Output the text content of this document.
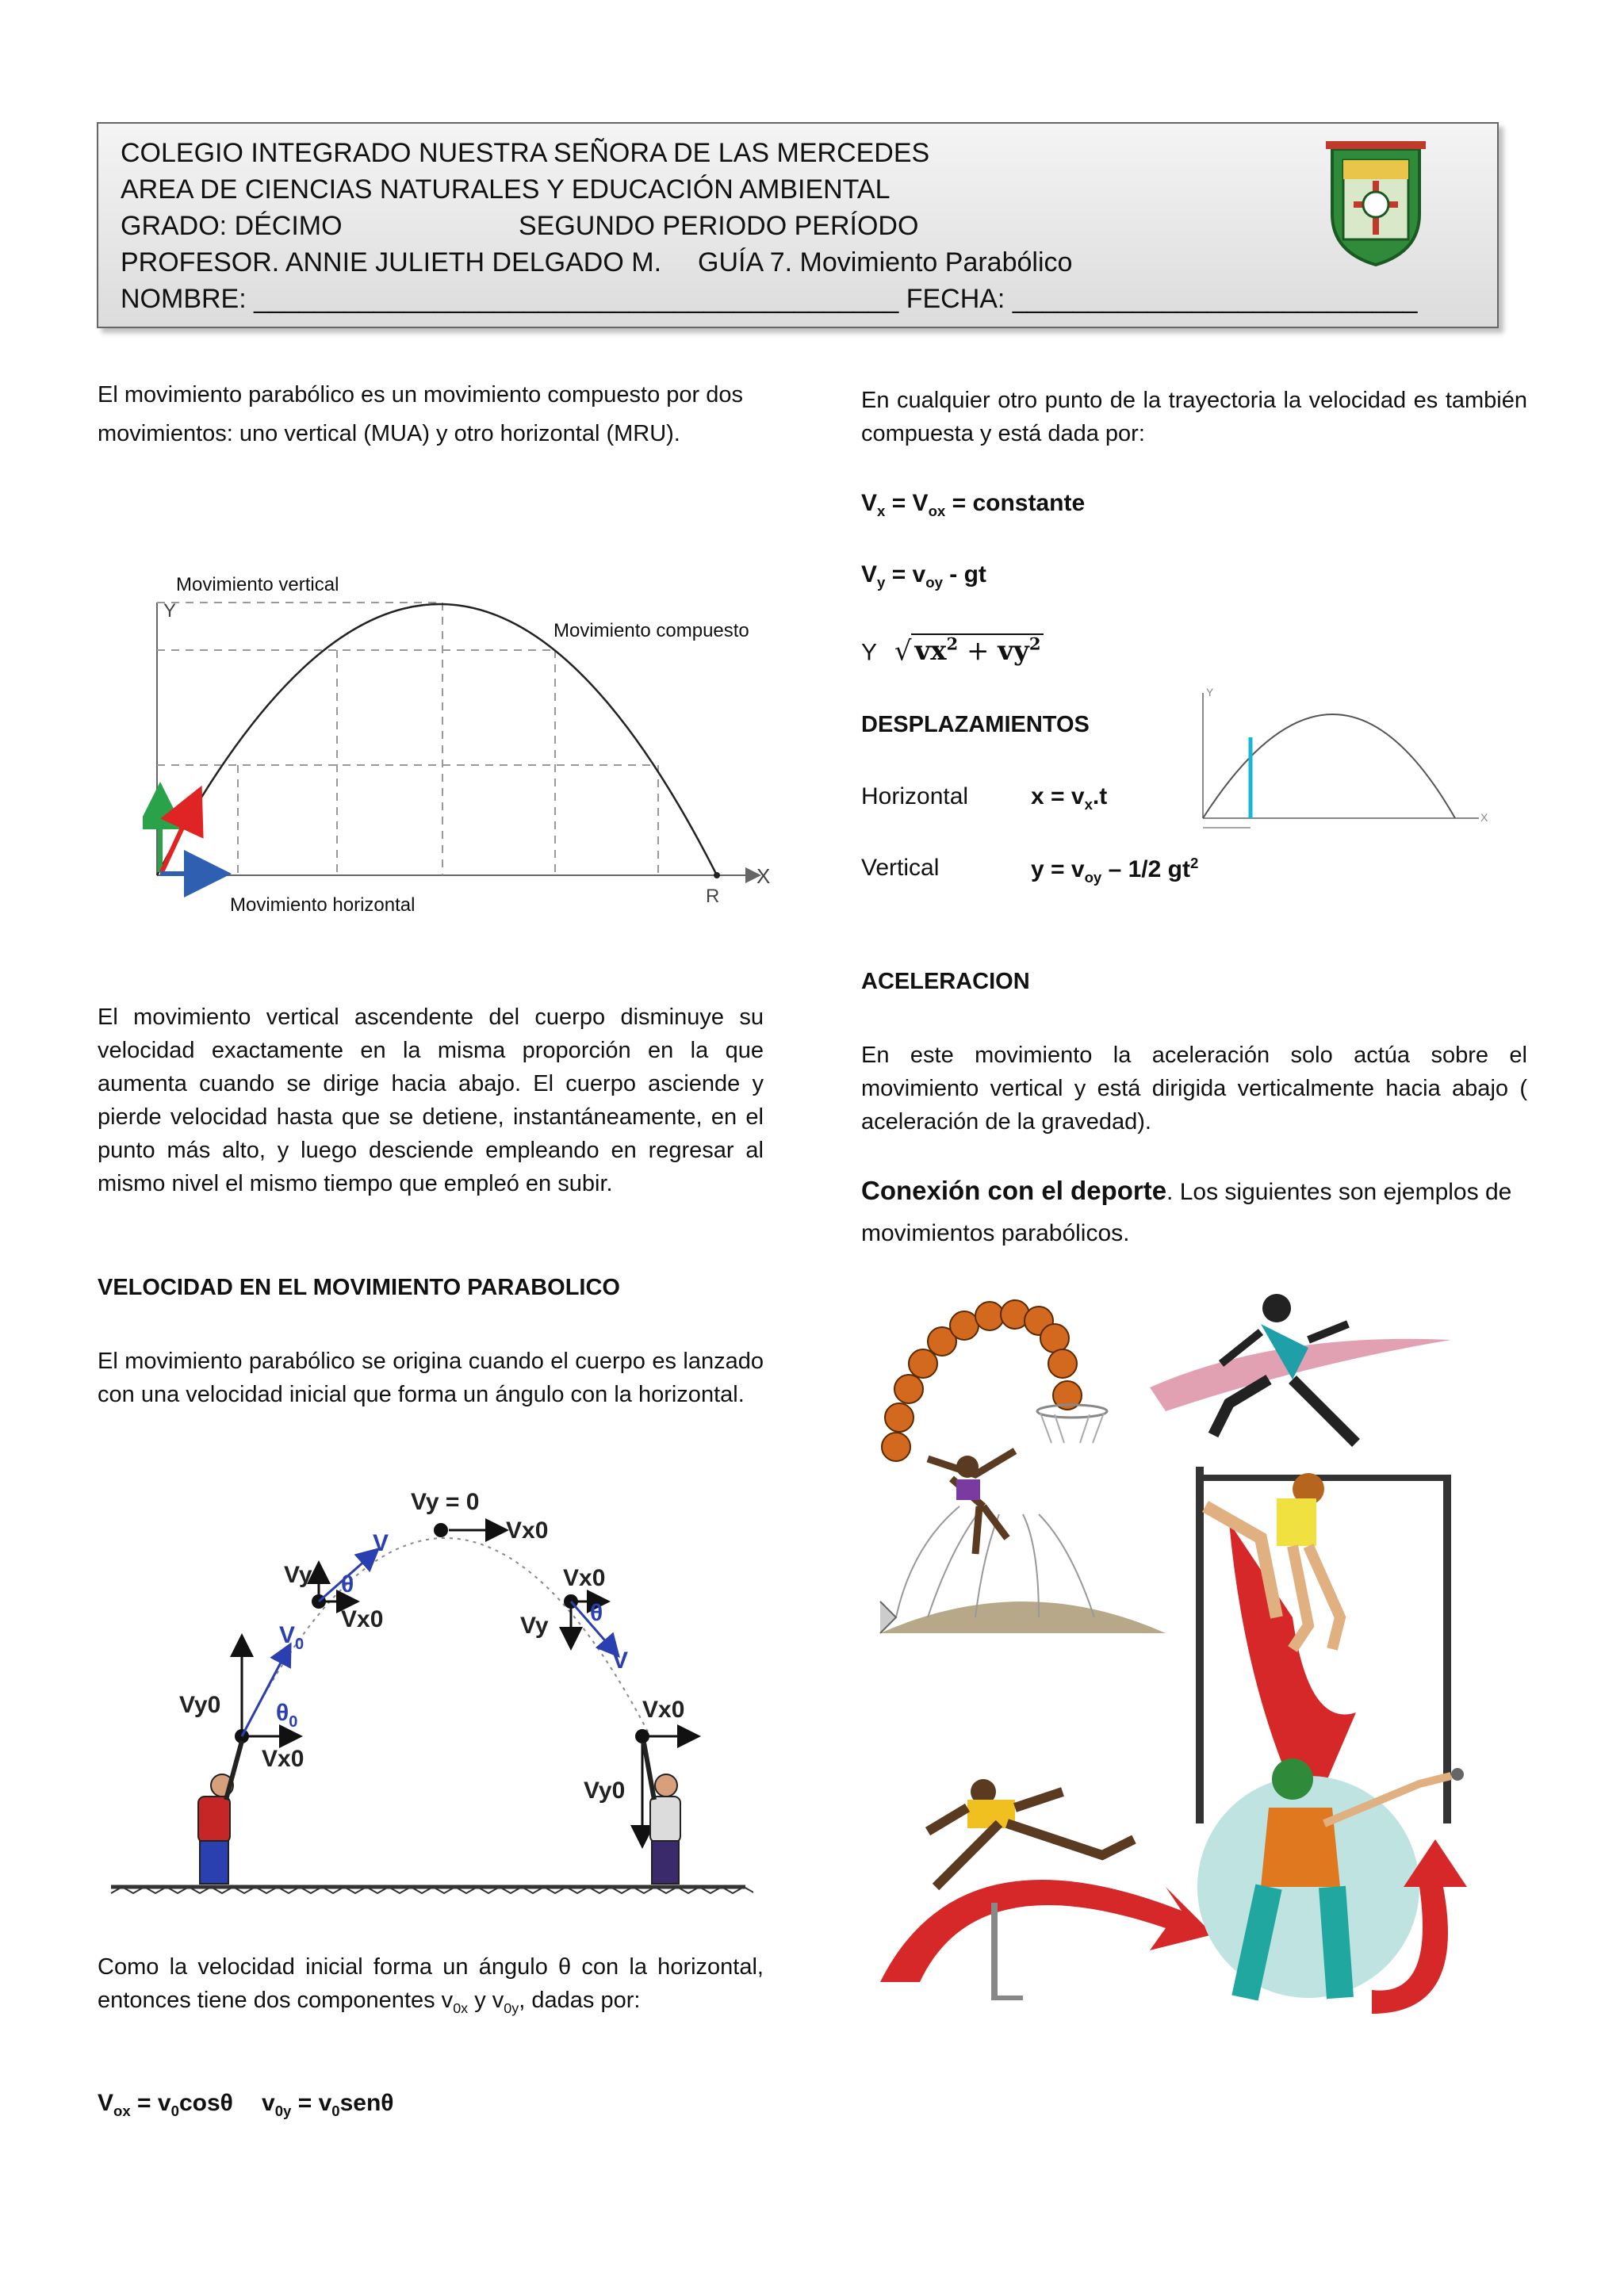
COLEGIO INTEGRADO NUESTRA SEÑORA DE LAS MERCEDES
AREA DE CIENCIAS NATURALES Y EDUCACIÓN AMBIENTAL
GRADO: DÉCIMO	SEGUNDO PERIODO PERÍODO
PROFESOR. ANNIE JULIETH DELGADO M. GUÍA 7. Movimiento Parabólico
NOMBRE: ___________________________________________ FECHA: ___________________________
El movimiento parabólico es un movimiento compuesto por dos movimientos: uno vertical (MUA) y otro horizontal (MRU).
Y
X
R
Movimiento vertical
Movimiento compuesto
Movimiento horizontal
El movimiento vertical ascendente del cuerpo disminuye su velocidad exactamente en la misma proporción en la que aumenta cuando se dirige hacia abajo. El cuerpo asciende y pierde velocidad hasta que se detiene, instantáneamente, en el punto más alto, y luego desciende empleando en regresar al mismo nivel el mismo tiempo que empleó en subir.
VELOCIDAD EN EL MOVIMIENTO PARABOLICO
El movimiento parabólico se origina cuando el cuerpo es lanzado con una velocidad inicial que forma un ángulo con la horizontal.
Vy = 0
Vx0
Vy
Vx0
Vy0
Vx0
Vx0
Vy
Vx0
Vy0
V
θ
$V_0$
$\theta_0$
θ
V
Como la velocidad inicial forma un ángulo θ con la horizontal, entonces tiene dos componentes $v_{0x}$ y $v_{0y}$, dadas por:
$V_{ox} = v_0\cos\theta$ $v_{0y} = v_0sen\theta$
En cualquier otro punto de la trayectoria la velocidad es también compuesta y está dada por:
$V_x = V_{ox}$ = constante
$V_y = v_{oy}$ - gt
Y √ $vx^2 + vy^2$
DESPLAZAMIENTOS
Horizontal	$x = v_x.t$
Vertical	$y = v_{oy} - 1/2$ $gt^2$
Y
X
ACELERACION
En este movimiento la aceleración solo actúa sobre el movimiento vertical y está dirigida verticalmente hacia abajo ( aceleración de la gravedad).
Conexión con el deporte. Los siguientes son ejemplos de movimientos parabólicos.
